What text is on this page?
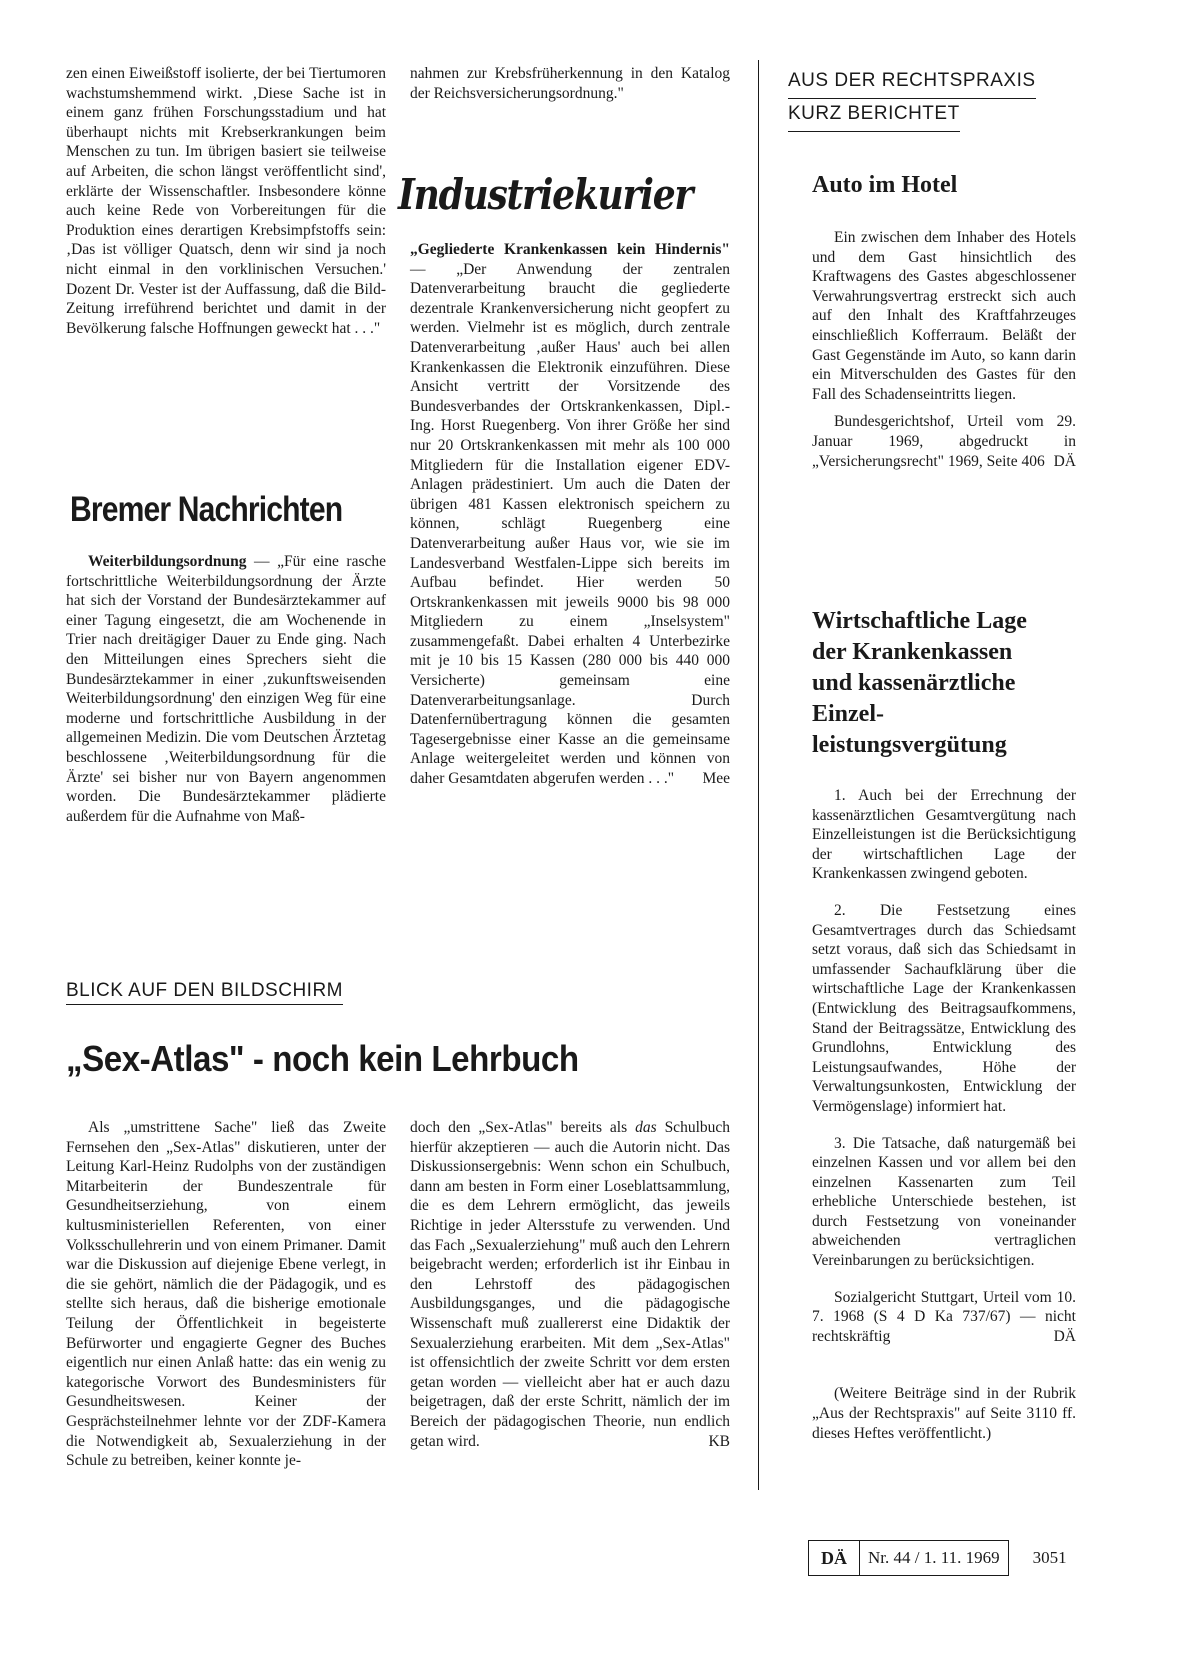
zen einen Eiweißstoff isolierte, der bei Tiertumoren wachstumshemmend wirkt. ‚Diese Sache ist in einem ganz frühen Forschungsstadium und hat überhaupt nichts mit Krebserkrankungen beim Menschen zu tun. Im übrigen basiert sie teilweise auf Arbeiten, die schon längst veröffentlicht sind', erklärte der Wissenschaftler. Insbesondere könne auch keine Rede von Vorbereitungen für die Produktion eines derartigen Krebsimpfstoffs sein: ‚Das ist völliger Quatsch, denn wir sind ja noch nicht einmal in den vorklinischen Versuchen.' Dozent Dr. Vester ist der Auffassung, daß die Bild-Zeitung irreführend berichtet und damit in der Bevölkerung falsche Hoffnungen geweckt hat . . ."

Bremer Nachrichten

Weiterbildungsordnung — „Für eine rasche fortschrittliche Weiterbildungsordnung der Ärzte hat sich der Vorstand der Bundesärztekammer auf einer Tagung eingesetzt, die am Wochenende in Trier nach dreitägiger Dauer zu Ende ging. Nach den Mitteilungen eines Sprechers sieht die Bundesärztekammer in einer ‚zukunftsweisenden Weiterbildungsordnung' den einzigen Weg für eine moderne und fortschrittliche Ausbildung in der allgemeinen Medizin. Die vom Deutschen Ärztetag beschlossene ‚Weiterbildungsordnung für die Ärzte' sei bisher nur von Bayern angenommen worden. Die Bundesärztekammer plädierte außerdem für die Aufnahme von Maß-

nahmen zur Krebsfrüherkennung in den Katalog der Reichsversicherungsordnung."

Industriekurier

„Gegliederte Krankenkassen kein Hindernis" — „Der Anwendung der zentralen Datenverarbeitung braucht die gegliederte dezentrale Krankenversicherung nicht geopfert zu werden. Vielmehr ist es möglich, durch zentrale Datenverarbeitung ‚außer Haus' auch bei allen Krankenkassen die Elektronik einzuführen. Diese Ansicht vertritt der Vorsitzende des Bundesverbandes der Ortskrankenkassen, Dipl.-Ing. Horst Ruegenberg. Von ihrer Größe her sind nur 20 Ortskrankenkassen mit mehr als 100 000 Mitgliedern für die Installation eigener EDV-Anlagen prädestiniert. Um auch die Daten der übrigen 481 Kassen elektronisch speichern zu können, schlägt Ruegenberg eine Datenverarbeitung außer Haus vor, wie sie im Landesverband Westfalen-Lippe sich bereits im Aufbau befindet. Hier werden 50 Ortskrankenkassen mit jeweils 9000 bis 98 000 Mitgliedern zu einem „Inselsystem" zusammengefaßt. Dabei erhalten 4 Unterbezirke mit je 10 bis 15 Kassen (280 000 bis 440 000 Versicherte) gemeinsam eine Datenverarbeitungsanlage. Durch Datenfernübertragung können die gesamten Tagesergebnisse einer Kasse an die gemeinsame Anlage weitergeleitet werden und können von daher Gesamtdaten abgerufen werden . . ."	Mee
BLICK AUF DEN BILDSCHIRM
„Sex-Atlas" - noch kein Lehrbuch

Als „umstrittene Sache" ließ das Zweite Fernsehen den „Sex-Atlas" diskutieren, unter der Leitung Karl-Heinz Rudolphs von der zuständigen Mitarbeiterin der Bundeszentrale für Gesundheitserziehung, von einem kultusministeriellen Referenten, von einer Volksschullehrerin und von einem Primaner. Damit war die Diskussion auf diejenige Ebene verlegt, in die sie gehört, nämlich die der Pädagogik, und es stellte sich heraus, daß die bisherige emotionale Teilung der Öffentlichkeit in begeisterte Befürworter und engagierte Gegner des Buches eigentlich nur einen Anlaß hatte: das ein wenig zu kategorische Vorwort des Bundesministers für Gesundheitswesen. Keiner der Gesprächsteilnehmer lehnte vor der ZDF-Kamera die Notwendigkeit ab, Sexualerziehung in der Schule zu betreiben, keiner konnte je-

doch den „Sex-Atlas" bereits als das Schulbuch hierfür akzeptieren — auch die Autorin nicht. Das Diskussionsergebnis: Wenn schon ein Schulbuch, dann am besten in Form einer Loseblattsammlung, die es dem Lehrern ermöglicht, das jeweils Richtige in jeder Altersstufe zu verwenden. Und das Fach „Sexualerziehung" muß auch den Lehrern beigebracht werden; erforderlich ist ihr Einbau in den Lehrstoff des pädagogischen Ausbildungsganges, und die pädagogische Wissenschaft muß zuallererst eine Didaktik der Sexualerziehung erarbeiten. Mit dem „Sex-Atlas" ist offensichtlich der zweite Schritt vor dem ersten getan worden — vielleicht aber hat er auch dazu beigetragen, daß der erste Schritt, nämlich der im Bereich der pädagogischen Theorie, nun endlich getan wird.	KB
AUS DER RECHTSPRAXIS
KURZ BERICHTET
Auto im Hotel

Ein zwischen dem Inhaber des Hotels und dem Gast hinsichtlich des Kraftwagens des Gastes abgeschlossener Verwahrungsvertrag erstreckt sich auch auf den Inhalt des Kraftfahrzeuges einschließlich Kofferraum. Beläßt der Gast Gegenstände im Auto, so kann darin ein Mitverschulden des Gastes für den Fall des Schadenseintritts liegen.

Bundesgerichtshof, Urteil vom 29. Januar 1969, abgedruckt in „Versicherungsrecht" 1969, Seite 406 DÄ
Wirtschaftliche Lage
der Krankenkassen
und kassenärztliche
Einzel-
leistungsvergütung

1. Auch bei der Errechnung der kassenärztlichen Gesamtvergütung nach Einzelleistungen ist die Berücksichtigung der wirtschaftlichen Lage der Krankenkassen zwingend geboten.

2. Die Festsetzung eines Gesamtvertrages durch das Schiedsamt setzt voraus, daß sich das Schiedsamt in umfassender Sachaufklärung über die wirtschaftliche Lage der Krankenkassen (Entwicklung des Beitragsaufkommens, Stand der Beitragssätze, Entwicklung des Grundlohns, Entwicklung des Leistungsaufwandes, Höhe der Verwaltungsunkosten, Entwicklung der Vermögenslage) informiert hat.

3. Die Tatsache, daß naturgemäß bei einzelnen Kassen und vor allem bei den einzelnen Kassenarten zum Teil erhebliche Unterschiede bestehen, ist durch Festsetzung von voneinander abweichenden vertraglichen Vereinbarungen zu berücksichtigen.

Sozialgericht Stuttgart, Urteil vom 10. 7. 1968 (S 4 D Ka 737/67) — nicht rechtskräftig	DÄ

(Weitere Beiträge sind in der Rubrik „Aus der Rechtspraxis" auf Seite 3110 ff. dieses Heftes veröffentlicht.)

DÄ	Nr. 44 / 1. 11. 1969	3051
